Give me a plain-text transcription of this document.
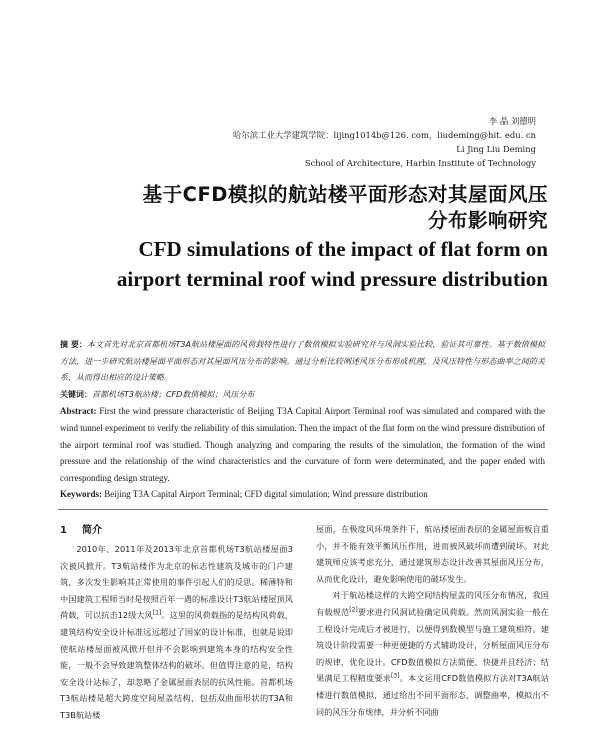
李 晶 刘德明
哈尔滨工业大学建筑学院：lijing1014b@126. com，liudeming@hit. edu. cn
Li Jing Liu Deming
School of Architecture, Harbin Institute of Technology
基于CFD模拟的航站楼平面形态对其屋面风压
分布影响研究
CFD simulations of the impact of flat form on
airport terminal roof wind pressure distribution

摘 要：本文首先对北京首都机场T3A航站楼屋面的风荷载特性进行了数值模拟实验研究并与风洞实验比较，验证其可靠性。基于数值模拟方法，进一步研究航站楼屋面平面形态对其屋面风压分布的影响。通过分析比较阐述风压分布形成机理，及风压特性与形态曲率之间的关系，从而得出相应的设计策略。

关键词：首都机场T3航站楼；CFD数值模拟；风压分布

Abstract: First the wind pressure characteristic of Beijing T3A Capital Airport Terminal roof was simulated and compared with the wind tunnel experiment to verify the reliability of this simulation. Then the impact of the flat form on the wind pressure distribution of the airport terminal roof was studied. Though analyzing and comparing the results of the simulation, the formation of the wind pressure and the relationship of the wind characteristics and the curvature of form were determinated, and the paper ended with corresponding design strategy.

Keywords: Beijing T3A Capital Airport Terminal; CFD digital simulation; Wind pressure distribution

1 简介

2010年、2011年及2013年北京首都机场T3航站楼屋面3次被风掀开。T3航站楼作为北京的标志性建筑及城市的门户建筑，多次发生影响其正常使用的事件引起人们的反思。稀薄特和中国建筑工程师当时是按照百年一遇的标准设计T3航站楼屋顶风荷载，可以抗击12级大风[1]。这里的风荷载指的是结构风荷载，建筑结构安全设计标准远远超过了国家的设计标准，也就是说即使航站楼屋面被风掀开但并不会影响到建筑本身的结构安全性能，一般不会导致建筑整体结构的破坏。但值得注意的是，结构安全设计达标了，却忽略了金属屋面表层的抗风性能。首都机场T3航站楼是超大跨度空间屋盖结构，包括双曲面形状的T3A和T3B航站楼

屋面，在极度风环境条件下，航站楼屋面表层的金属屋面板自重小，并不能有效平衡风压作用，进而被风破坏而遭到破坏。对此建筑师应该考虑充分，通过建筑形态设计改善其屋面风压分布，从而优化设计，避免影响使用的破坏发生。

对于航站楼这样的大跨空间结构屋盖的风压分布情况，我国有载规范[2]要求进行风洞试验确定风荷载。然而风洞实验一般在工程设计完成后才被进行，以便得到数模型与施工建筑相符。建筑设计阶段需要一种更便捷的方式辅助设计，分析屋面风压分布的规律，优化设计。CFD数值模拟方法简便、快捷并且经济；结果满足工程精度要求[3]。本文运用CFD数值模拟方法对T3A航站楼进行数值模拟，通过给出不同平面形态，调整曲率，模拟出不同的风压分布规律，并分析不同曲
